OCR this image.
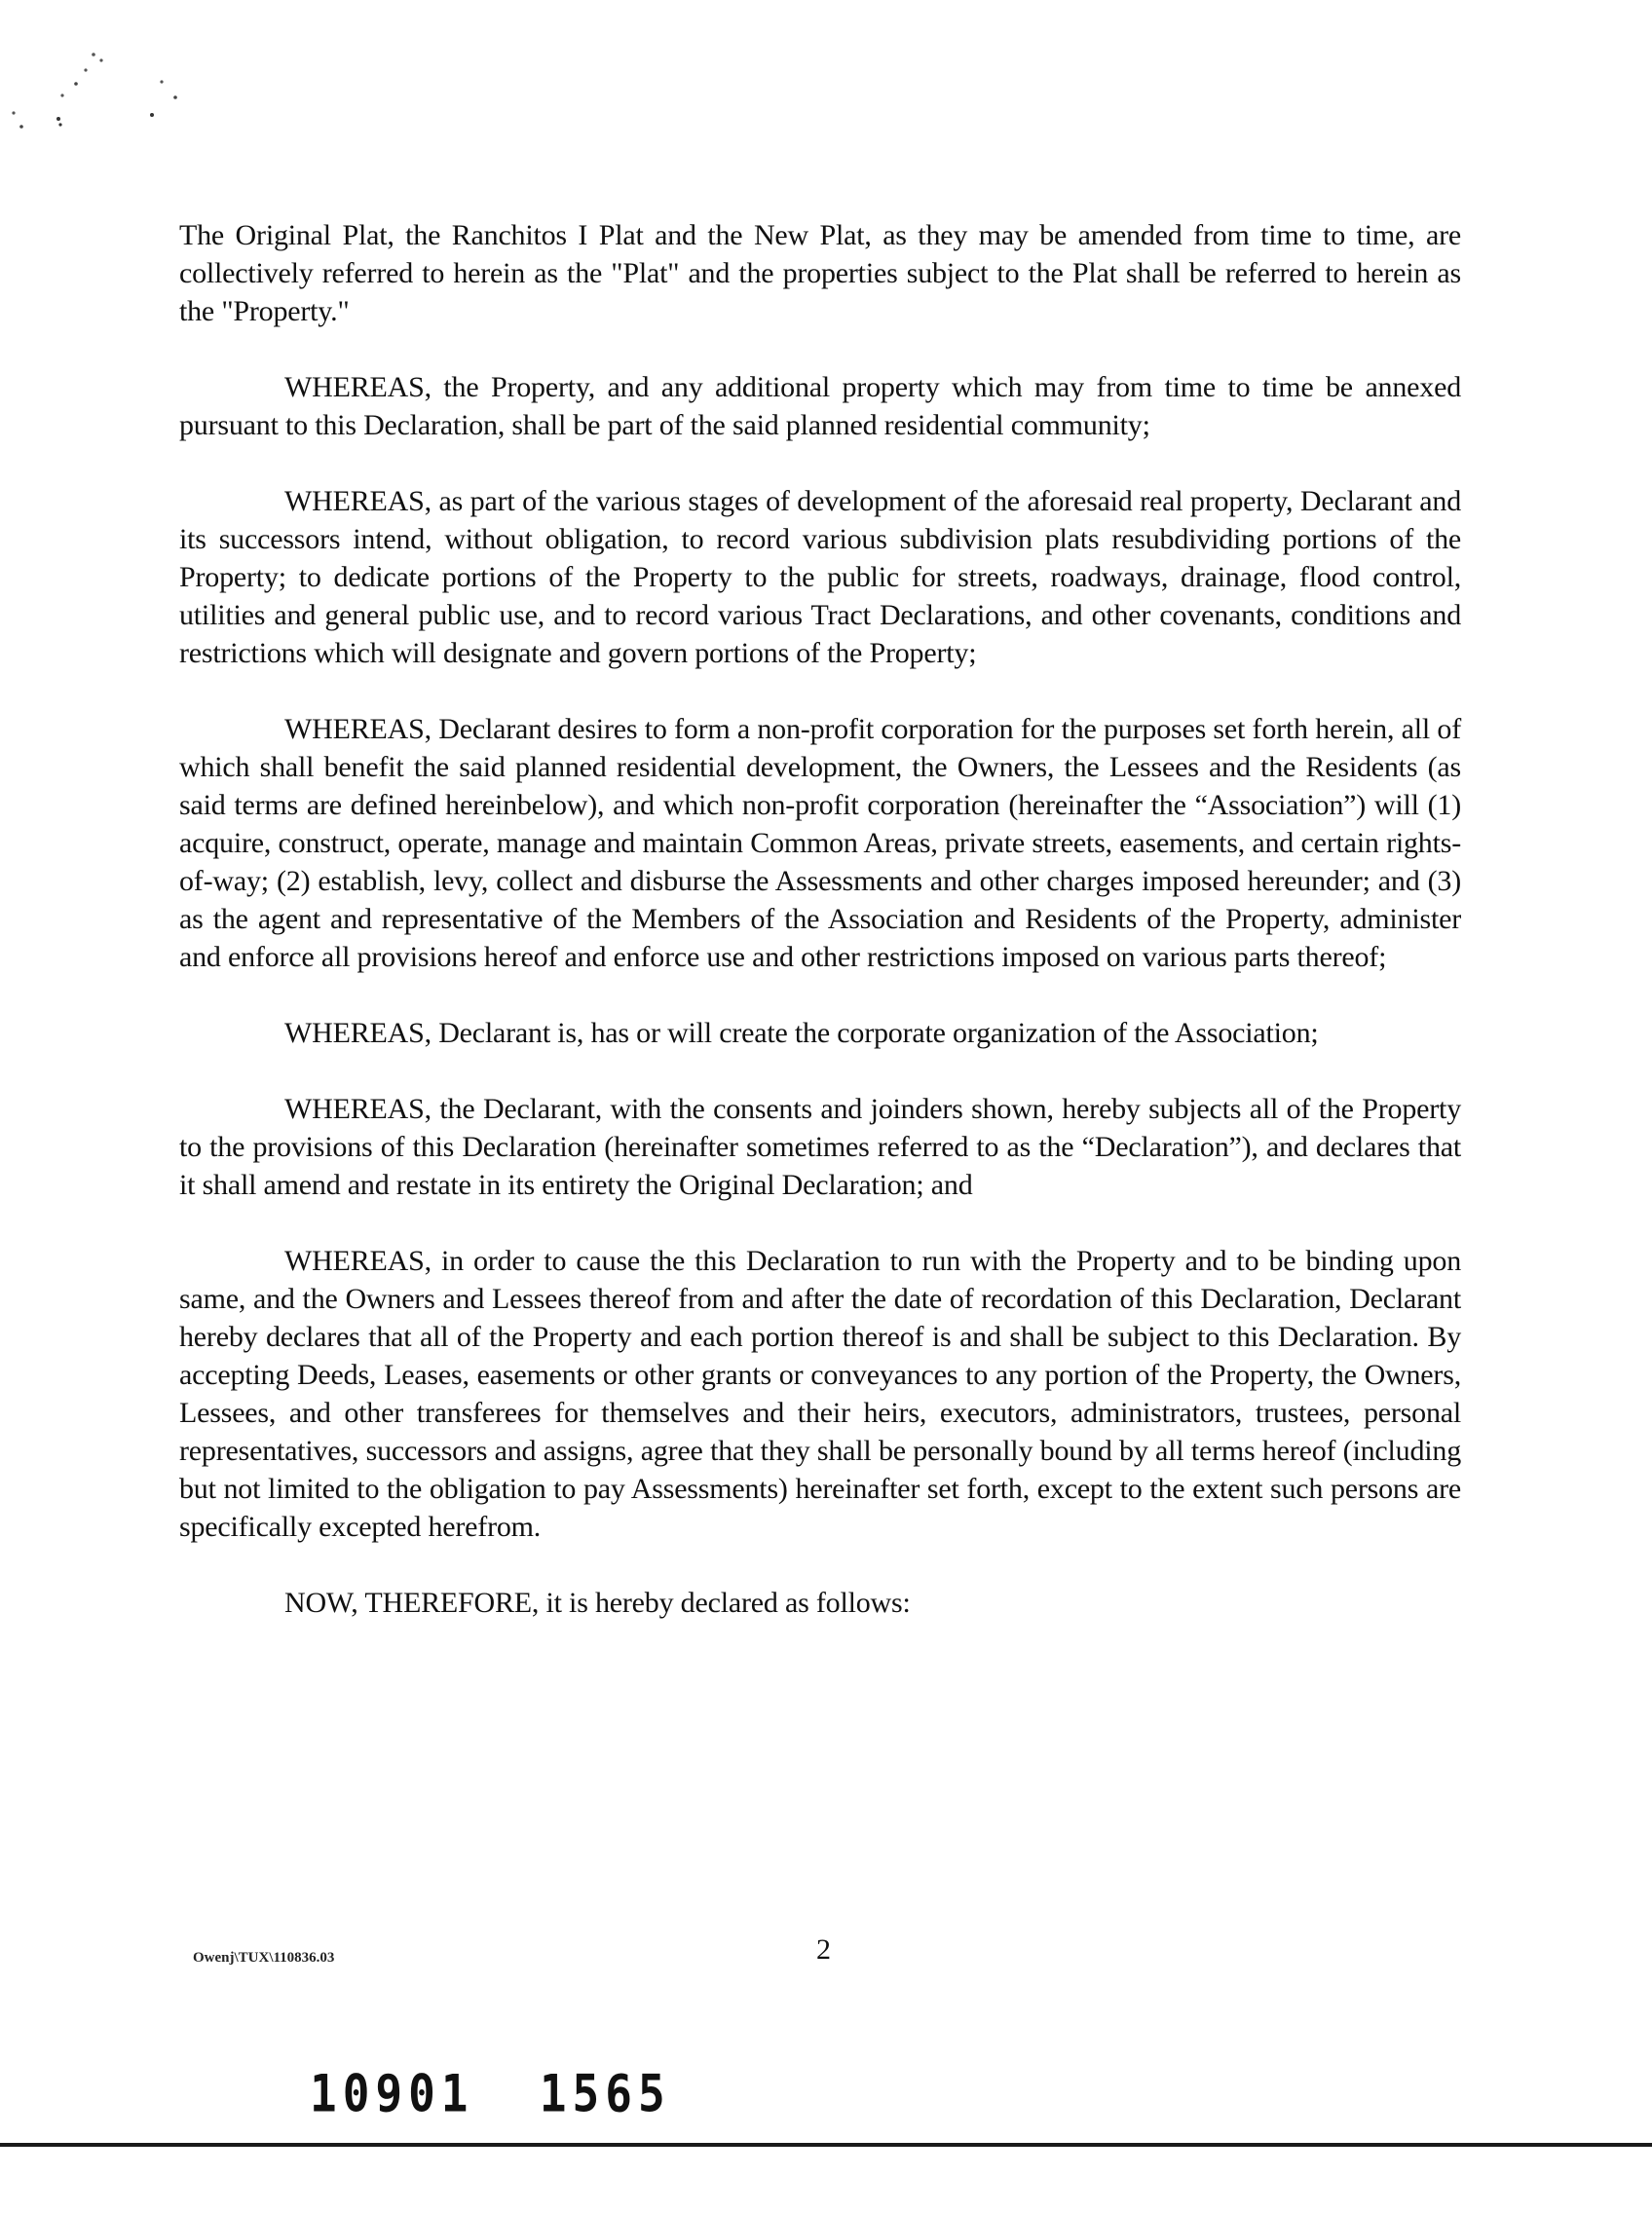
The Original Plat, the Ranchitos I Plat and the New Plat, as they may be amended from time to time, are collectively referred to herein as the "Plat" and the properties subject to the Plat shall be referred to herein as the "Property."

WHEREAS, the Property, and any additional property which may from time to time be annexed pursuant to this Declaration, shall be part of the said planned residential community;

WHEREAS, as part of the various stages of development of the aforesaid real property, Declarant and its successors intend, without obligation, to record various subdivision plats resubdividing portions of the Property; to dedicate portions of the Property to the public for streets, roadways, drainage, flood control, utilities and general public use, and to record various Tract Declarations, and other covenants, conditions and restrictions which will designate and govern portions of the Property;

WHEREAS, Declarant desires to form a non-profit corporation for the purposes set forth herein, all of which shall benefit the said planned residential development, the Owners, the Lessees and the Residents (as said terms are defined hereinbelow), and which non-profit corporation (hereinafter the “Association”) will (1) acquire, construct, operate, manage and maintain Common Areas, private streets, easements, and certain rights-of-way; (2) establish, levy, collect and disburse the Assessments and other charges imposed hereunder; and (3) as the agent and representative of the Members of the Association and Residents of the Property, administer and enforce all provisions hereof and enforce use and other restrictions imposed on various parts thereof;

WHEREAS, Declarant is, has or will create the corporate organization of the Association;

WHEREAS, the Declarant, with the consents and joinders shown, hereby subjects all of the Property to the provisions of this Declaration (hereinafter sometimes referred to as the “Declaration”), and declares that it shall amend and restate in its entirety the Original Declaration; and

WHEREAS, in order to cause the this Declaration to run with the Property and to be binding upon same, and the Owners and Lessees thereof from and after the date of recordation of this Declaration, Declarant hereby declares that all of the Property and each portion thereof is and shall be subject to this Declaration. By accepting Deeds, Leases, easements or other grants or conveyances to any portion of the Property, the Owners, Lessees, and other transferees for themselves and their heirs, executors, administrators, trustees, personal representatives, successors and assigns, agree that they shall be personally bound by all terms hereof (including but not limited to the obligation to pay Assessments) hereinafter set forth, except to the extent such persons are specifically excepted herefrom.

NOW, THEREFORE, it is hereby declared as follows:

Owenj\TUX\110836.03	2
10901  1565
